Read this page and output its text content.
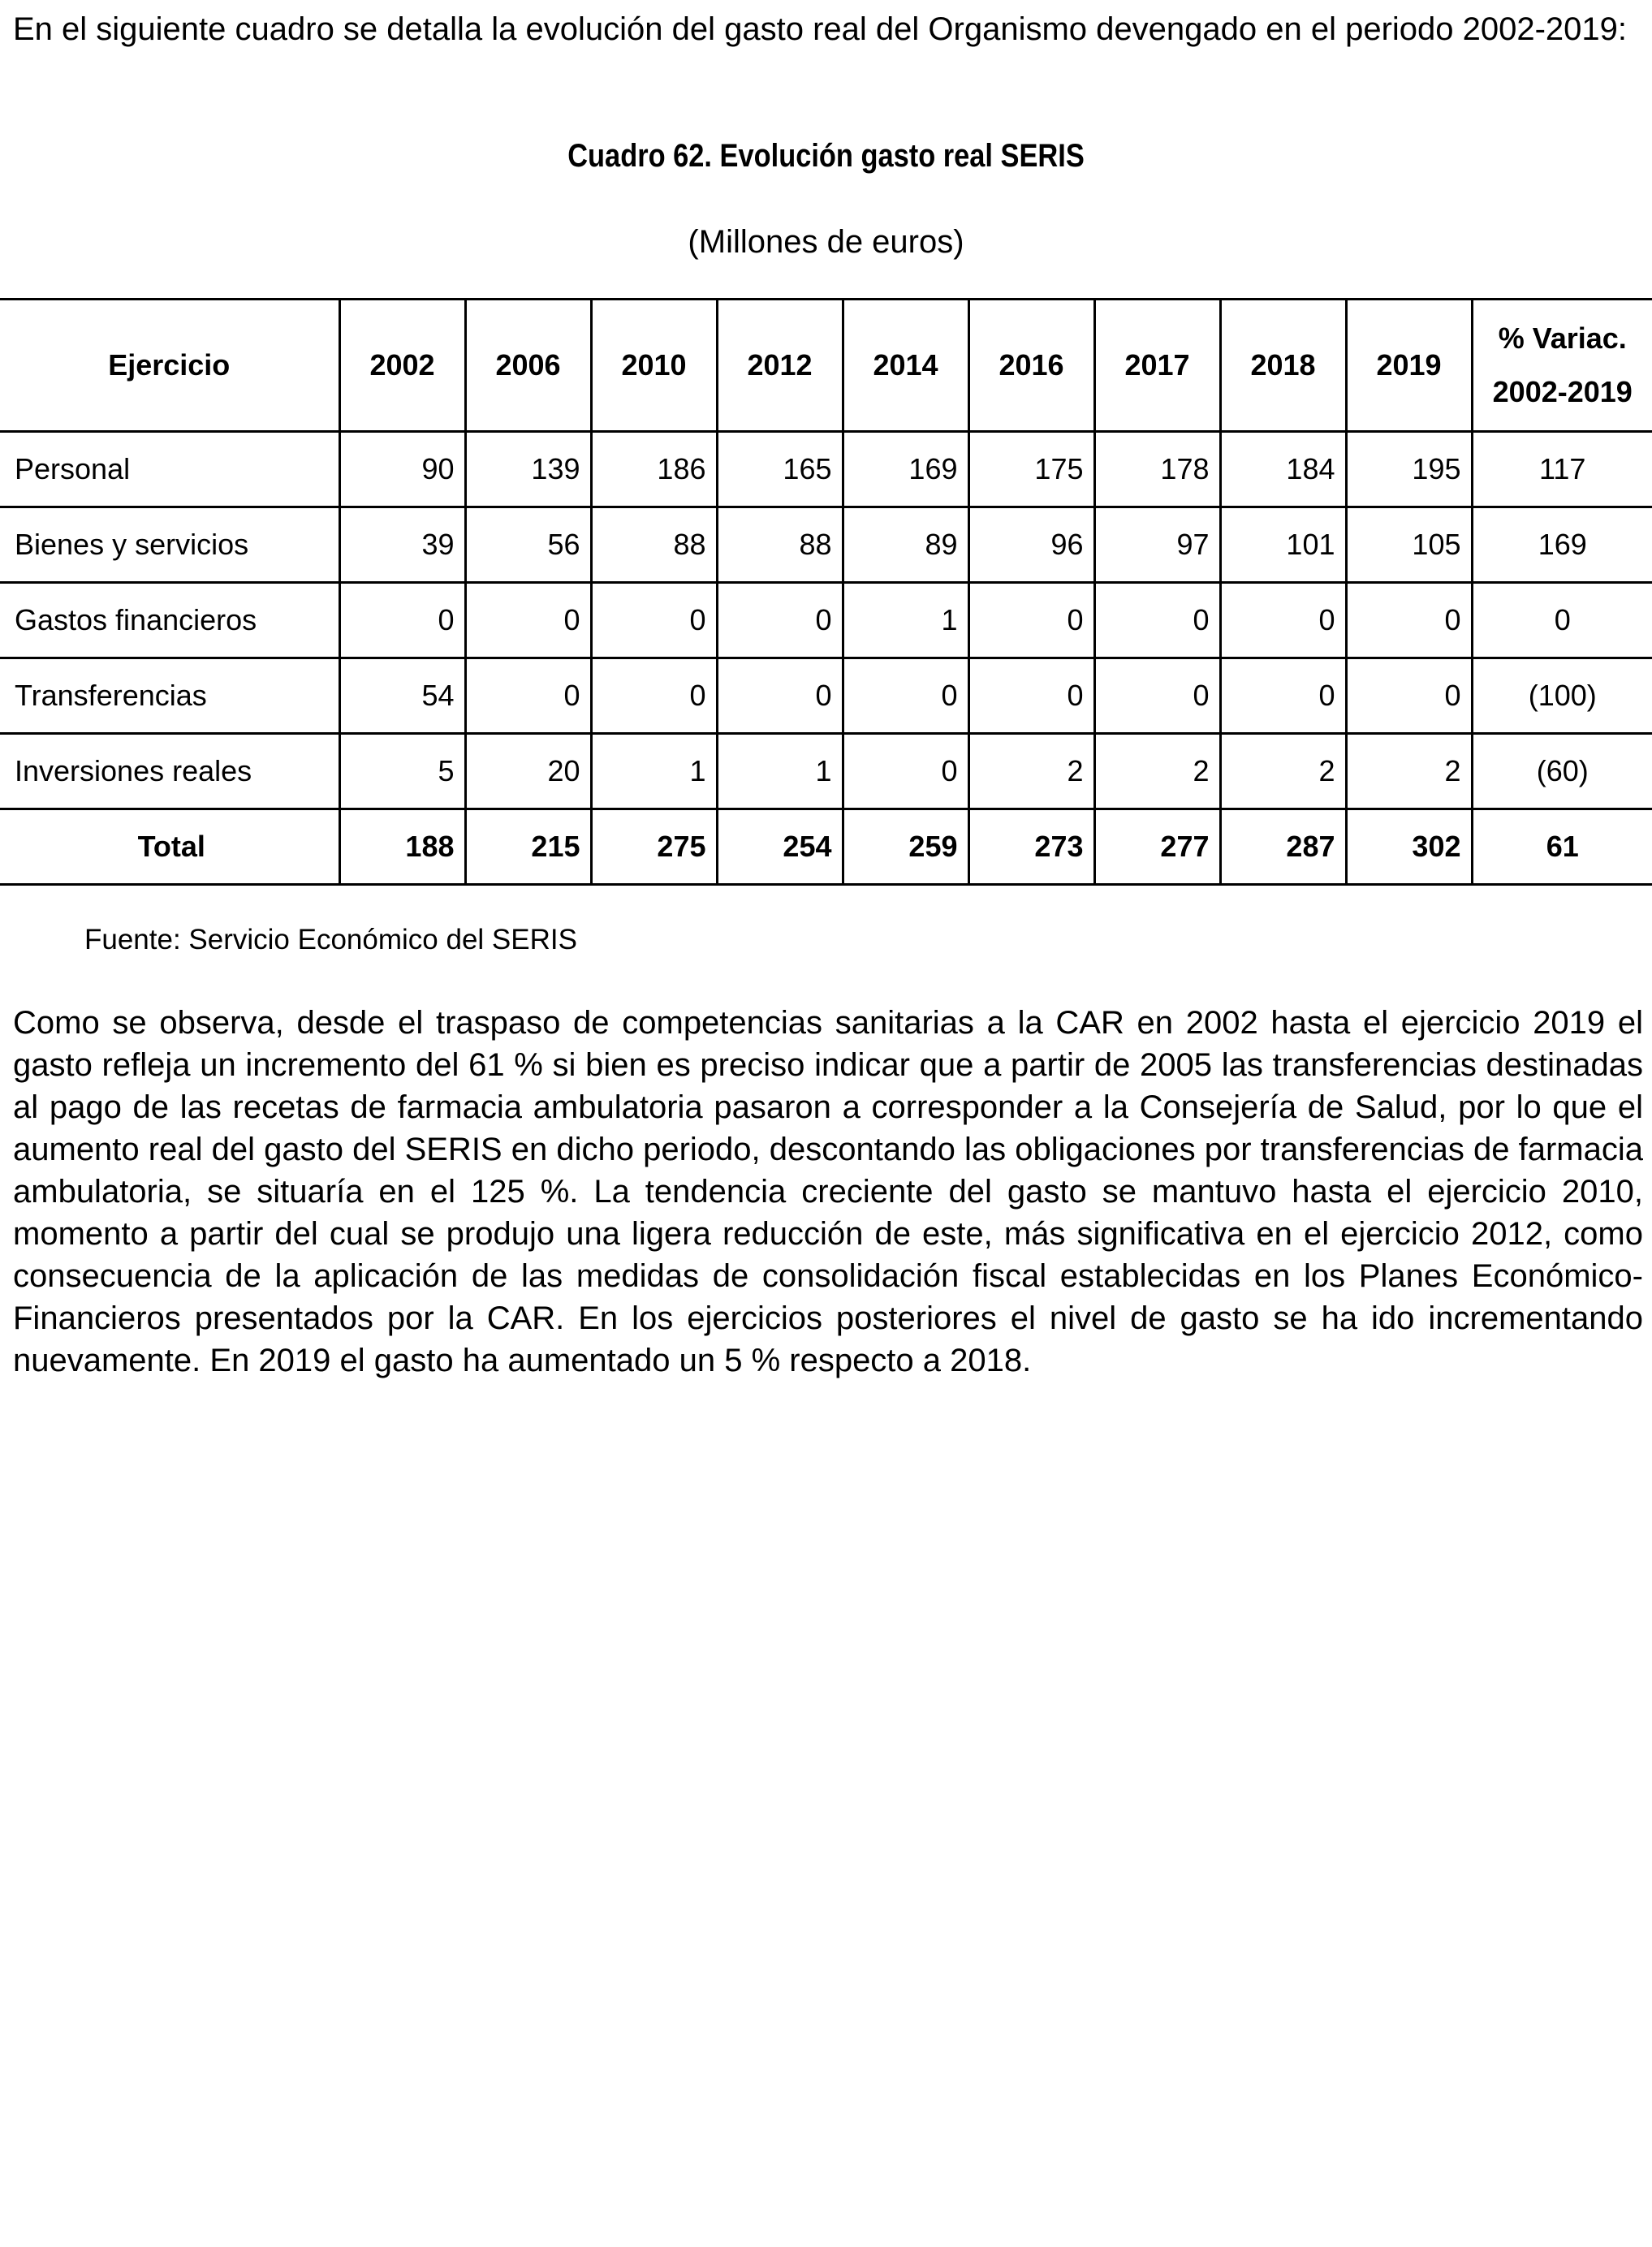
En el siguiente cuadro se detalla la evolución del gasto real del Organismo devengado en el periodo 2002-2019:

Cuadro 62. Evolución gasto real SERIS
(Millones de euros)
Ejercicio	2002	2006	2010	2012	2014	2016	2017	2018	2019	% Variac.
2002-2019
Personal	90	139	186	165	169	175	178	184	195	117
Bienes y servicios	39	56	88	88	89	96	97	101	105	169
Gastos financieros	0	0	0	0	1	0	0	0	0	0
Transferencias	54	0	0	0	0	0	0	0	0	(100)
Inversiones reales	5	20	1	1	0	2	2	2	2	(60)
Total	188	215	275	254	259	273	277	287	302	61
Fuente: Servicio Económico del SERIS

Como se observa, desde el traspaso de competencias sanitarias a la CAR en 2002 hasta el ejercicio 2019 el gasto refleja un incremento del 61 % si bien es preciso indicar que a partir de 2005 las transferencias destinadas al pago de las recetas de farmacia ambulatoria pasaron a corresponder a la Consejería de Salud, por lo que el aumento real del gasto del SERIS en dicho periodo, descontando las obligaciones por transferencias de farmacia ambulatoria, se situaría en el 125 %. La tendencia creciente del gasto se mantuvo hasta el ejercicio 2010, momento a partir del cual se produjo una ligera reducción de este, más significativa en el ejercicio 2012, como consecuencia de la aplicación de las medidas de consolidación fiscal establecidas en los Planes Económico-Financieros presentados por la CAR. En los ejercicios posteriores el nivel de gasto se ha ido incrementando nuevamente. En 2019 el gasto ha aumentado un 5 % respecto a 2018.
